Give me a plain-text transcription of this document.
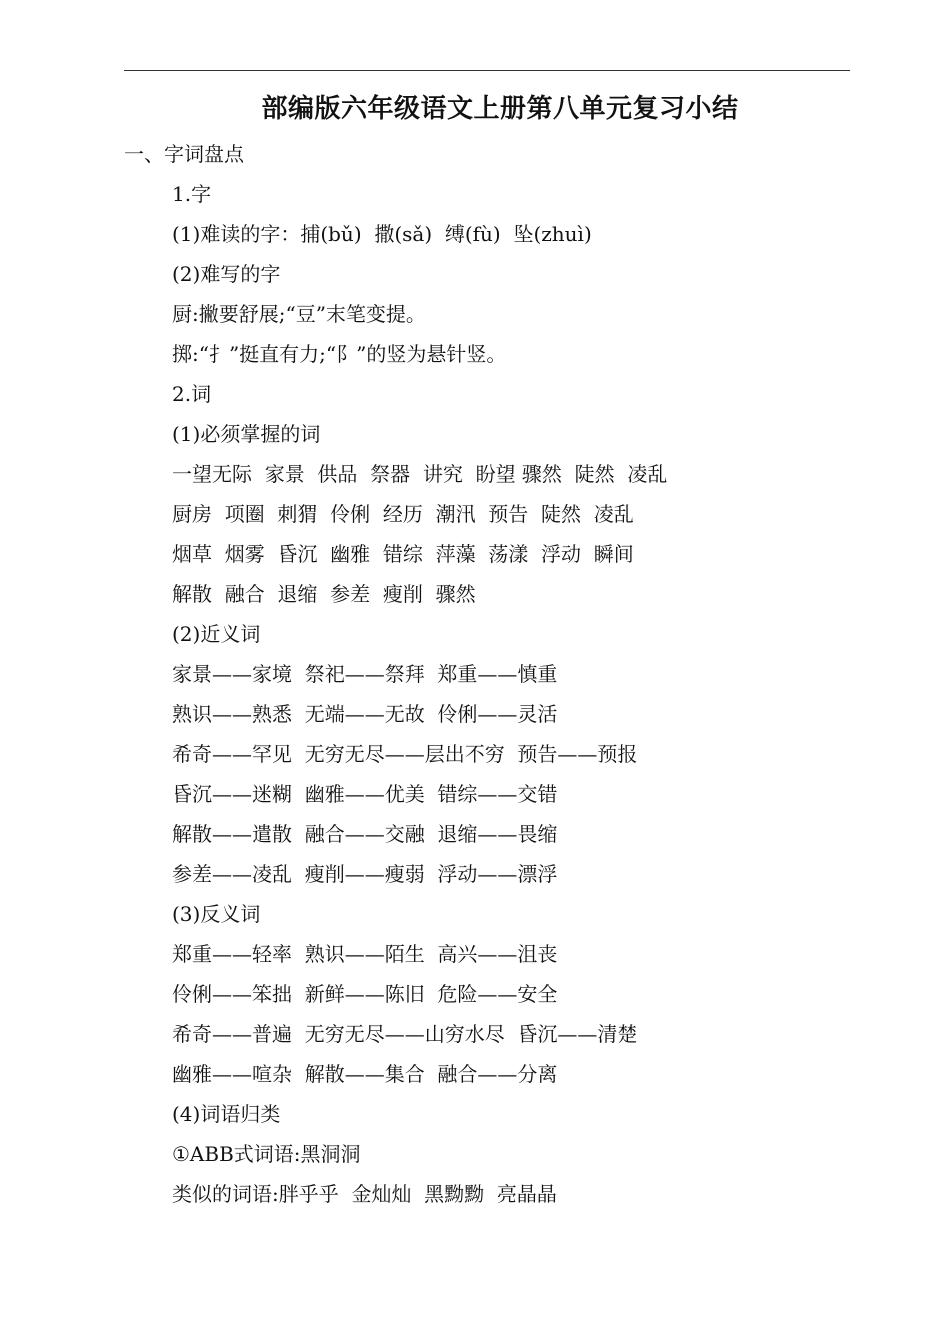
部编版六年级语文上册第八单元复习小结
一、字词盘点
1.字
(1)难读的字：捕(bǔ)  撒(sǎ)  缚(fù)  坠(zhuì)
(2)难写的字
厨:撇要舒展;“豆”末笔变提。
掷:“扌”挺直有力;“阝”的竖为悬针竖。
2.词
(1)必须掌握的词
一望无际  家景  供品  祭器  讲究  盼望 骤然  陡然  凌乱
厨房  项圈  刺猬  伶俐  经历  潮汛  预告  陡然  凌乱
烟草  烟雾  昏沉  幽雅  错综  萍藻  荡漾  浮动  瞬间
解散  融合  退缩  参差  瘦削  骤然
(2)近义词
家景——家境  祭祀——祭拜  郑重——慎重
熟识——熟悉  无端——无故  伶俐——灵活
希奇——罕见  无穷无尽——层出不穷  预告——预报
昏沉——迷糊  幽雅——优美  错综——交错
解散——遣散  融合——交融  退缩——畏缩
参差——凌乱  瘦削——瘦弱  浮动——漂浮
(3)反义词
郑重——轻率  熟识——陌生  高兴——沮丧
伶俐——笨拙  新鲜——陈旧  危险——安全
希奇——普遍  无穷无尽——山穷水尽  昏沉——清楚
幽雅——喧杂  解散——集合  融合——分离
(4)词语归类
①ABB式词语:黑洞洞
类似的词语:胖乎乎  金灿灿  黑黝黝  亮晶晶
